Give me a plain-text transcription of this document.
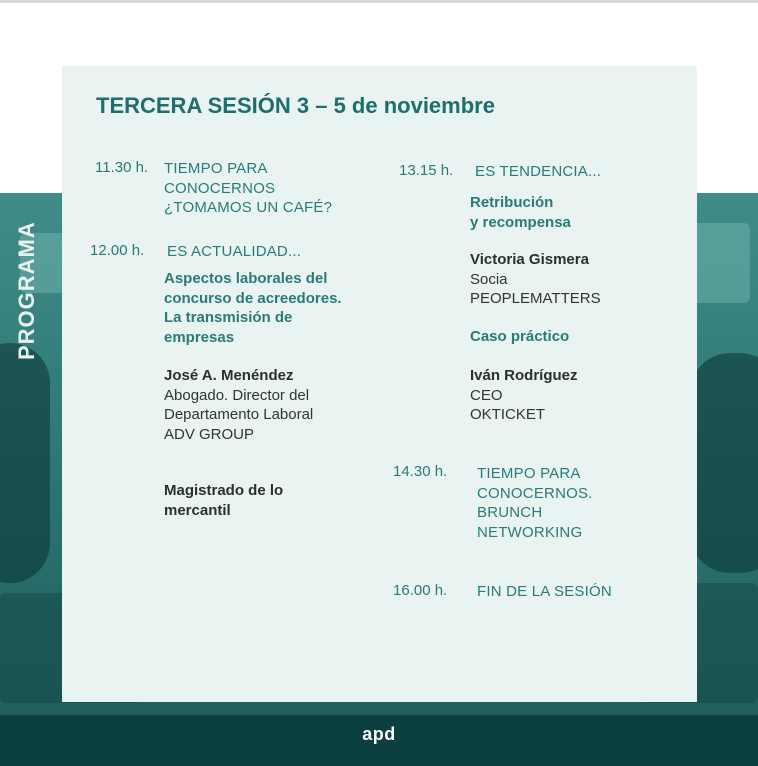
PROGRAMA
apd
TERCERA SESIÓN 3 – 5 de noviembre
11.30 h. TIEMPO PARA
CONOCERNOS
¿TOMAMOS UN CAFÉ?
12.00 h. ES ACTUALIDAD...
Aspectos laborales del
concurso de acreedores.
La transmisión de
empresas
José A. Menéndez
Abogado. Director del
Departamento Laboral
ADV GROUP
Magistrado de lo
mercantil
13.15 h. ES TENDENCIA...
Retribución
y recompensa
Victoria Gismera
Socia
PEOPLEMATTERS
Caso práctico
Iván Rodríguez
CEO
OKTICKET
14.30 h. TIEMPO PARA
CONOCERNOS.
BRUNCH
NETWORKING
16.00 h. FIN DE LA SESIÓN
